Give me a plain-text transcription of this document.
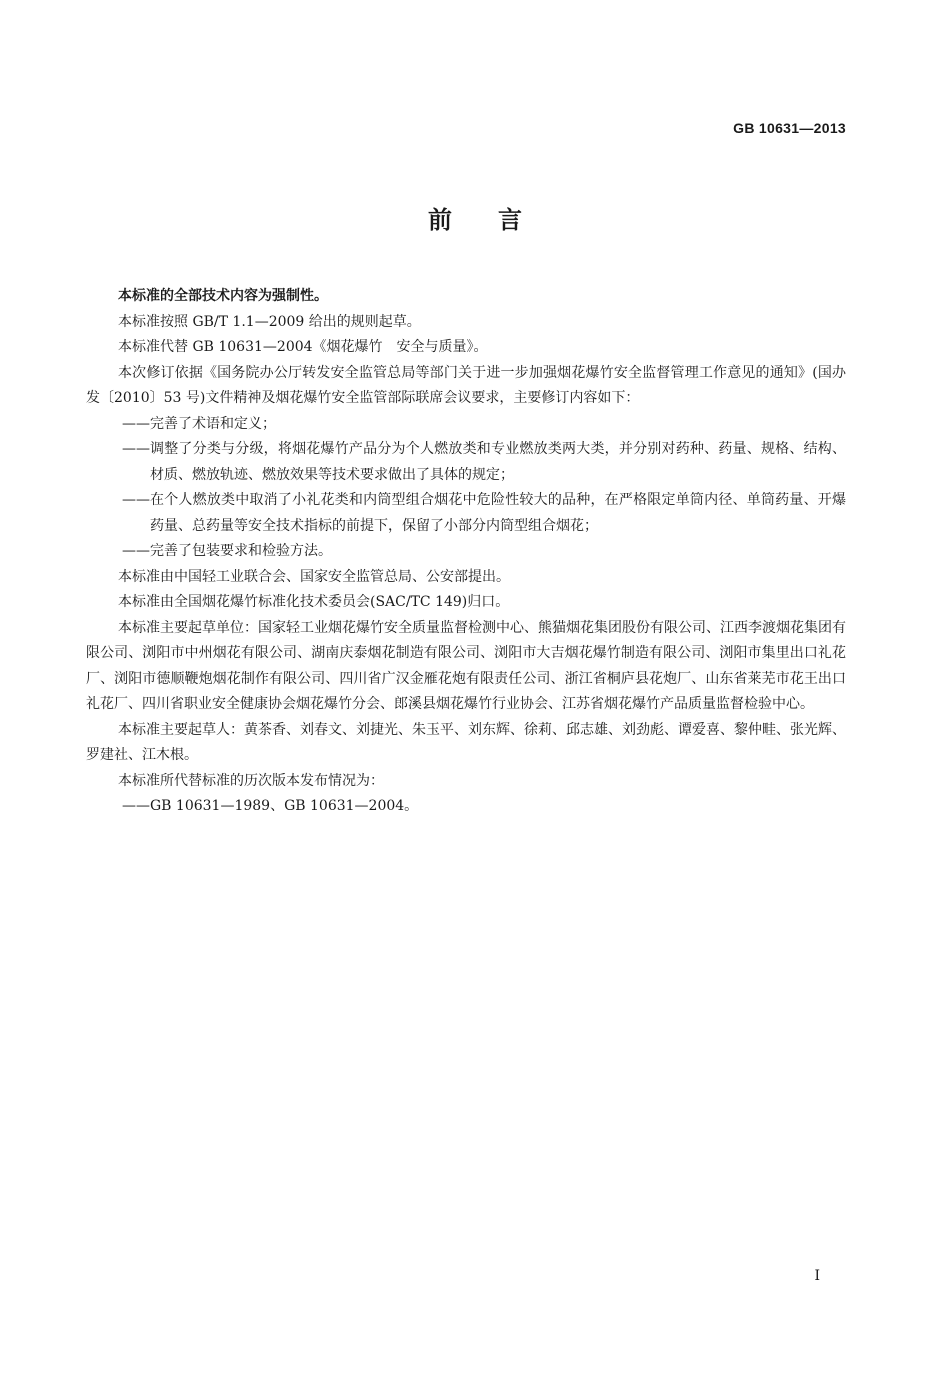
GB 10631—2013
前言

本标准的全部技术内容为强制性。

本标准按照 GB/T 1.1—2009 给出的规则起草。

本标准代替 GB 10631—2004《烟花爆竹　安全与质量》。

本次修订依据《国务院办公厅转发安全监管总局等部门关于进一步加强烟花爆竹安全监督管理工作意见的通知》(国办发〔2010〕53 号)文件精神及烟花爆竹安全监管部际联席会议要求，主要修订内容如下：

—— 完善了术语和定义；
—— 调整了分类与分级，将烟花爆竹产品分为个人燃放类和专业燃放类两大类，并分别对药种、药量、规格、结构、材质、燃放轨迹、燃放效果等技术要求做出了具体的规定；
—— 在个人燃放类中取消了小礼花类和内筒型组合烟花中危险性较大的品种，在严格限定单筒内径、单筒药量、开爆药量、总药量等安全技术指标的前提下，保留了小部分内筒型组合烟花；
—— 完善了包装要求和检验方法。

本标准由中国轻工业联合会、国家安全监管总局、公安部提出。

本标准由全国烟花爆竹标准化技术委员会(SAC/TC 149)归口。

本标准主要起草单位：国家轻工业烟花爆竹安全质量监督检测中心、熊猫烟花集团股份有限公司、江西李渡烟花集团有限公司、浏阳市中州烟花有限公司、湖南庆泰烟花制造有限公司、浏阳市大吉烟花爆竹制造有限公司、浏阳市集里出口礼花厂、浏阳市德顺鞭炮烟花制作有限公司、四川省广汉金雁花炮有限责任公司、浙江省桐庐县花炮厂、山东省莱芜市花王出口礼花厂、四川省职业安全健康协会烟花爆竹分会、郎溪县烟花爆竹行业协会、江苏省烟花爆竹产品质量监督检验中心。

本标准主要起草人：黄茶香、刘春文、刘捷光、朱玉平、刘东辉、徐莉、邱志雄、刘劲彪、谭爱喜、黎仲畦、张光辉、罗建社、江木根。

本标准所代替标准的历次版本发布情况为：

—— GB 10631—1989、GB 10631—2004。
I
